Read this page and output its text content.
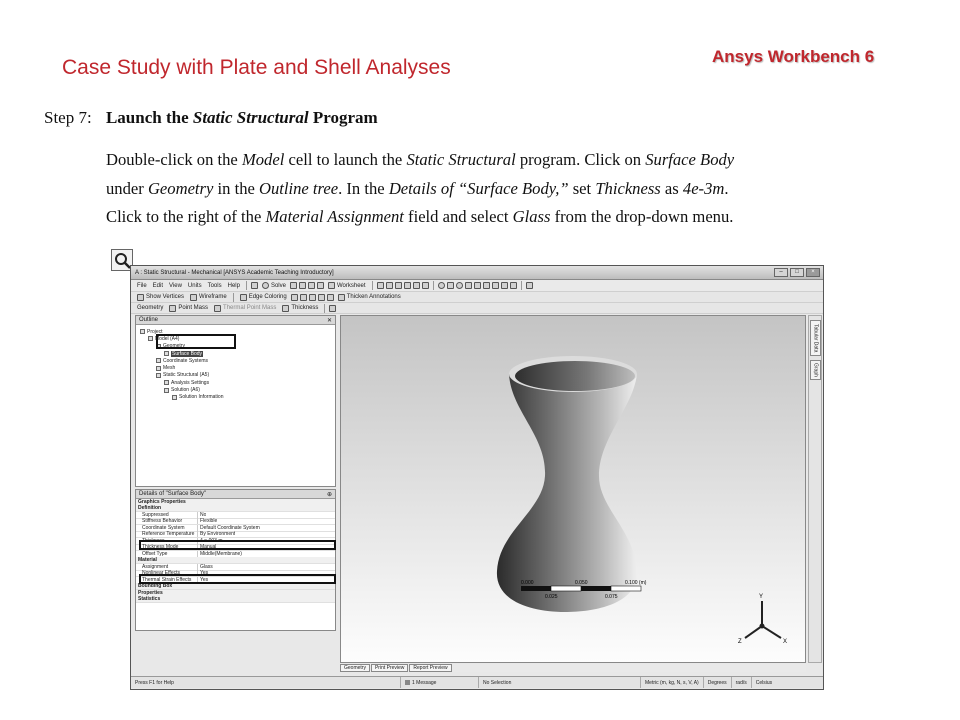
Case Study with Plate and Shell Analyses	Ansys Workbench 6
Step 7: Launch the Static Structural Program

Double-click on the Model cell to launch the Static Structural program. Click on Surface Body

under Geometry in the Outline tree. In the Details of “Surface Body,” set Thickness as 4e-3m.

Click to the right of the Material Assignment field and select Glass from the drop-down menu.

A : Static Structural - Mechanical [ANSYS Academic Teaching Introductory]	–	□	×
File	Edit	View	Units	Tools	Help	Solve	Worksheet
Show Vertices	Wireframe	Edge Coloring	Thicken Annotations
Geometry	Point Mass	Thermal Point Mass	Thickness
Outline	✕
Project
Model (A4)
Geometry
Surface Body
Coordinate Systems
Mesh
Static Structural (A5)
Analysis Settings
Solution (A6)
Solution Information
Details of "Surface Body"	⊕
Graphics Properties
Definition
Suppressed	No
Stiffness Behavior	Flexible
Coordinate System	Default Coordinate System
Reference Temperature	By Environment
Thickness	4.e-003 m
Thickness Mode	Manual
Offset Type	Middle(Membrane)
Material
Assignment	Glass
Nonlinear Effects	Yes
Thermal Strain Effects	Yes
Bounding Box
Properties
Statistics
0.000	0.050	0.100 (m)
0.025	0.075	Y
X
Z
Tabular Data
Graph
Geometry	Print Preview	Report Preview
Press F1 for Help	1 Message	No Selection	Metric (m, kg, N, s, V, A)	Degrees	rad/s	Celsius
